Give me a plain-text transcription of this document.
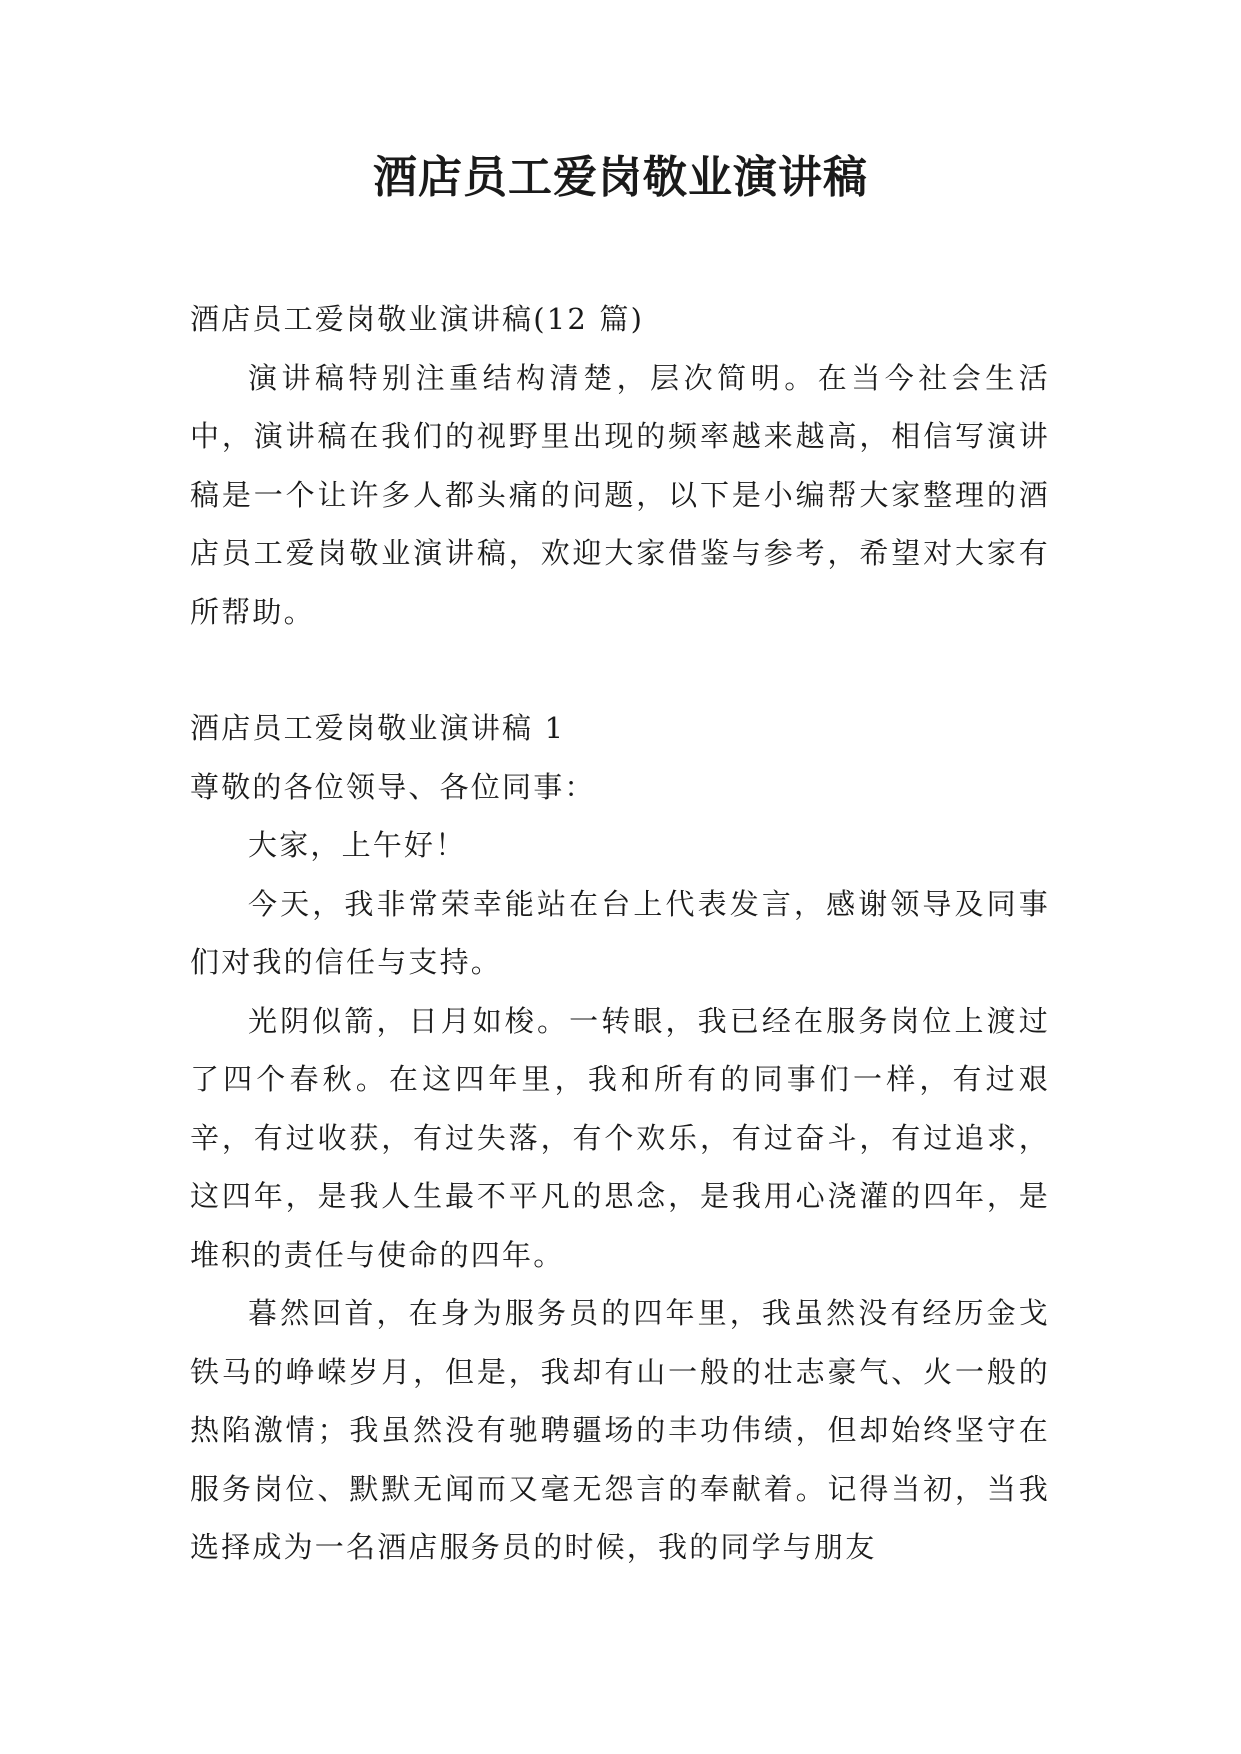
酒店员工爱岗敬业演讲稿

酒店员工爱岗敬业演讲稿(12 篇)

演讲稿特别注重结构清楚，层次简明。在当今社会生活中，演讲稿在我们的视野里出现的频率越来越高，相信写演讲稿是一个让许多人都头痛的问题，以下是小编帮大家整理的酒店员工爱岗敬业演讲稿，欢迎大家借鉴与参考，希望对大家有所帮助。

酒店员工爱岗敬业演讲稿 1

尊敬的各位领导、各位同事：

大家，上午好！

今天，我非常荣幸能站在台上代表发言，感谢领导及同事们对我的信任与支持。

光阴似箭，日月如梭。一转眼，我已经在服务岗位上渡过了四个春秋。在这四年里，我和所有的同事们一样，有过艰辛，有过收获，有过失落，有个欢乐，有过奋斗，有过追求，这四年，是我人生最不平凡的思念，是我用心浇灌的四年，是堆积的责任与使命的四年。

暮然回首，在身为服务员的四年里，我虽然没有经历金戈铁马的峥嵘岁月，但是，我却有山一般的壮志豪气、火一般的热陷激情；我虽然没有驰聘疆场的丰功伟绩，但却始终坚守在服务岗位、默默无闻而又毫无怨言的奉献着。记得当初，当我选择成为一名酒店服务员的时候，我的同学与朋友
